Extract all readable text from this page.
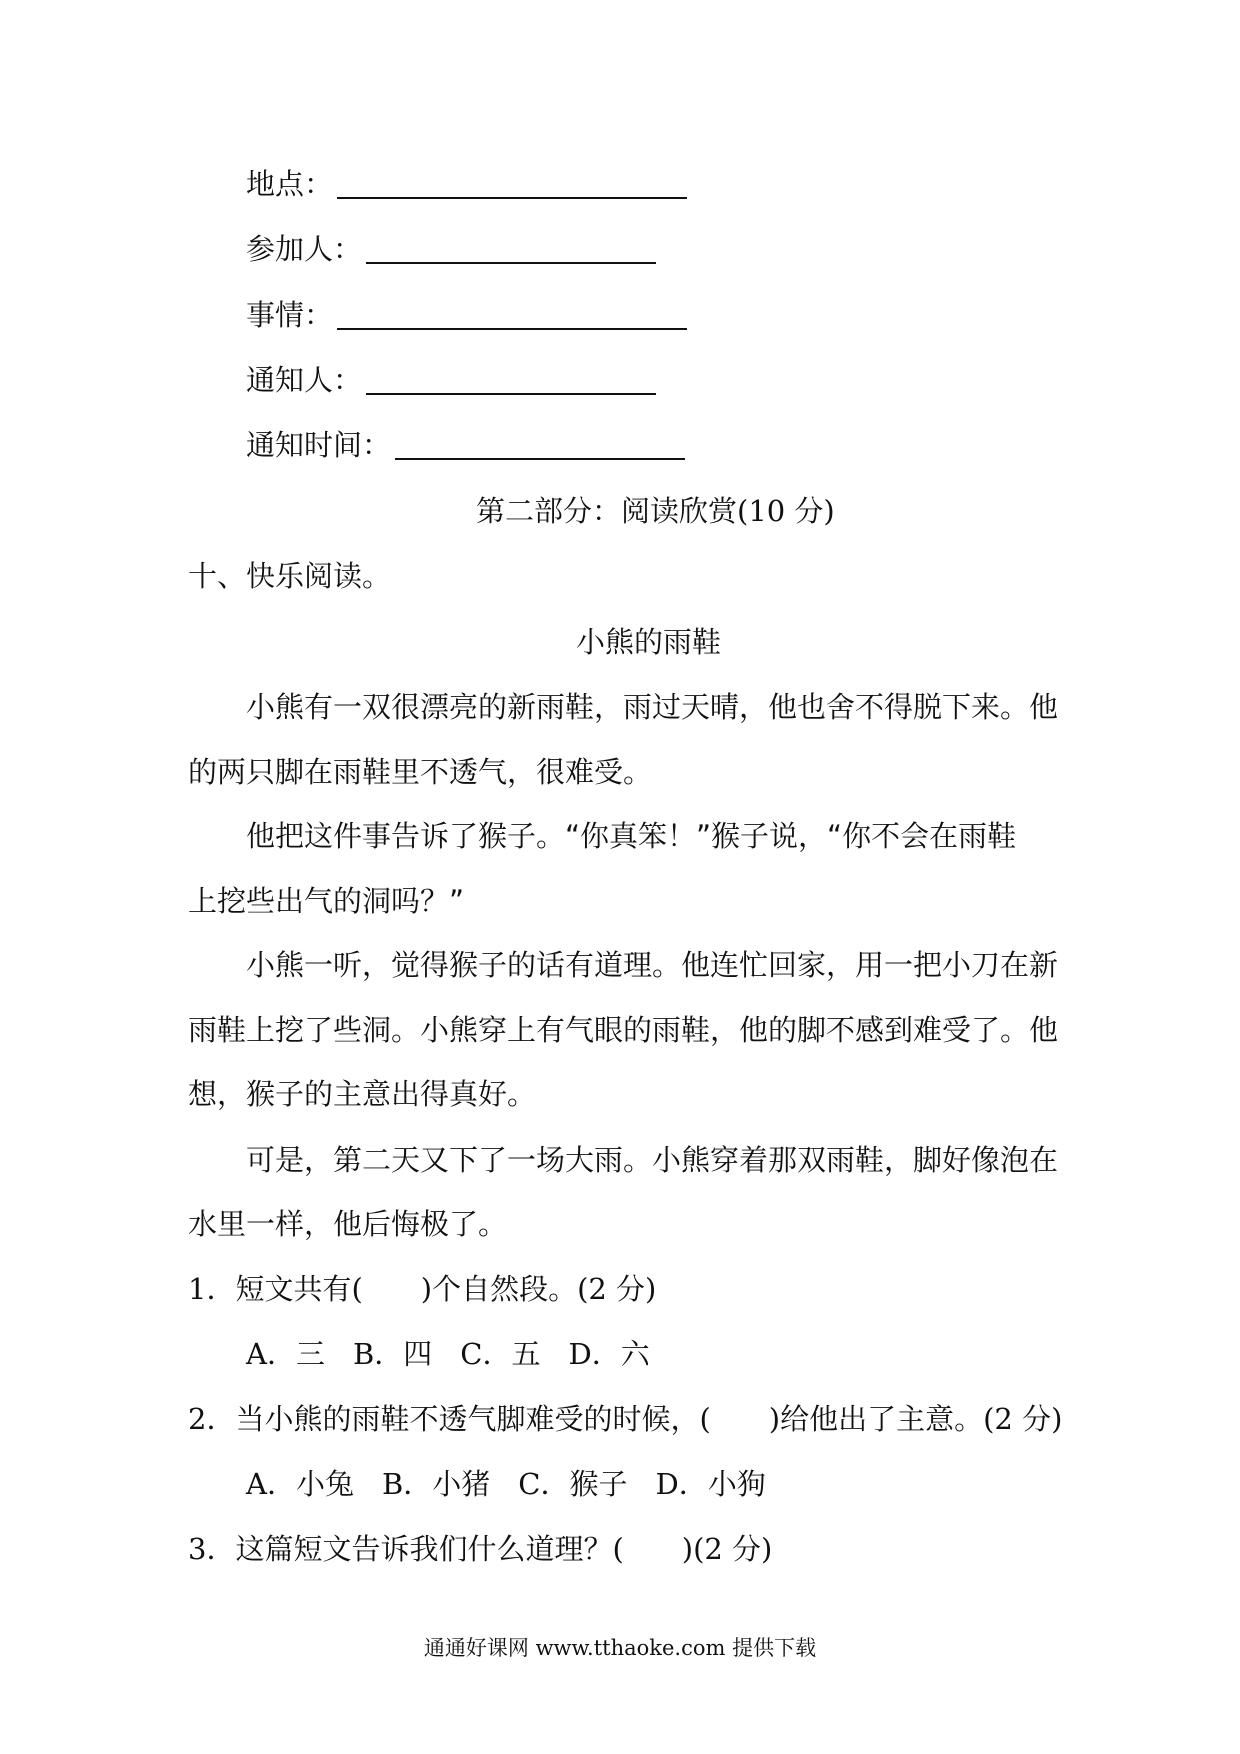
地点：
参加人：
事情：
通知人：
通知时间：
第二部分：阅读欣赏(10 分)
十、快乐阅读。
小熊的雨鞋
小熊有一双很漂亮的新雨鞋，雨过天晴，他也舍不得脱下来。他
的两只脚在雨鞋里不透气，很难受。
他把这件事告诉了猴子。“你真笨！”猴子说，“你不会在雨鞋
上挖些出气的洞吗？”
小熊一听，觉得猴子的话有道理。他连忙回家，用一把小刀在新
雨鞋上挖了些洞。小熊穿上有气眼的雨鞋，他的脚不感到难受了。他
想，猴子的主意出得真好。
可是，第二天又下了一场大雨。小熊穿着那双雨鞋，脚好像泡在
水里一样，他后悔极了。
1．短文共有(　　)个自然段。(2 分)
A．三 B．四 C．五 D．六
2．当小熊的雨鞋不透气脚难受的时候，(　　)给他出了主意。(2 分)
A．小兔 B．小猪 C．猴子 D．小狗
3．这篇短文告诉我们什么道理？(　　)(2 分)
通通好课网 www.tthaoke.com 提供下载
